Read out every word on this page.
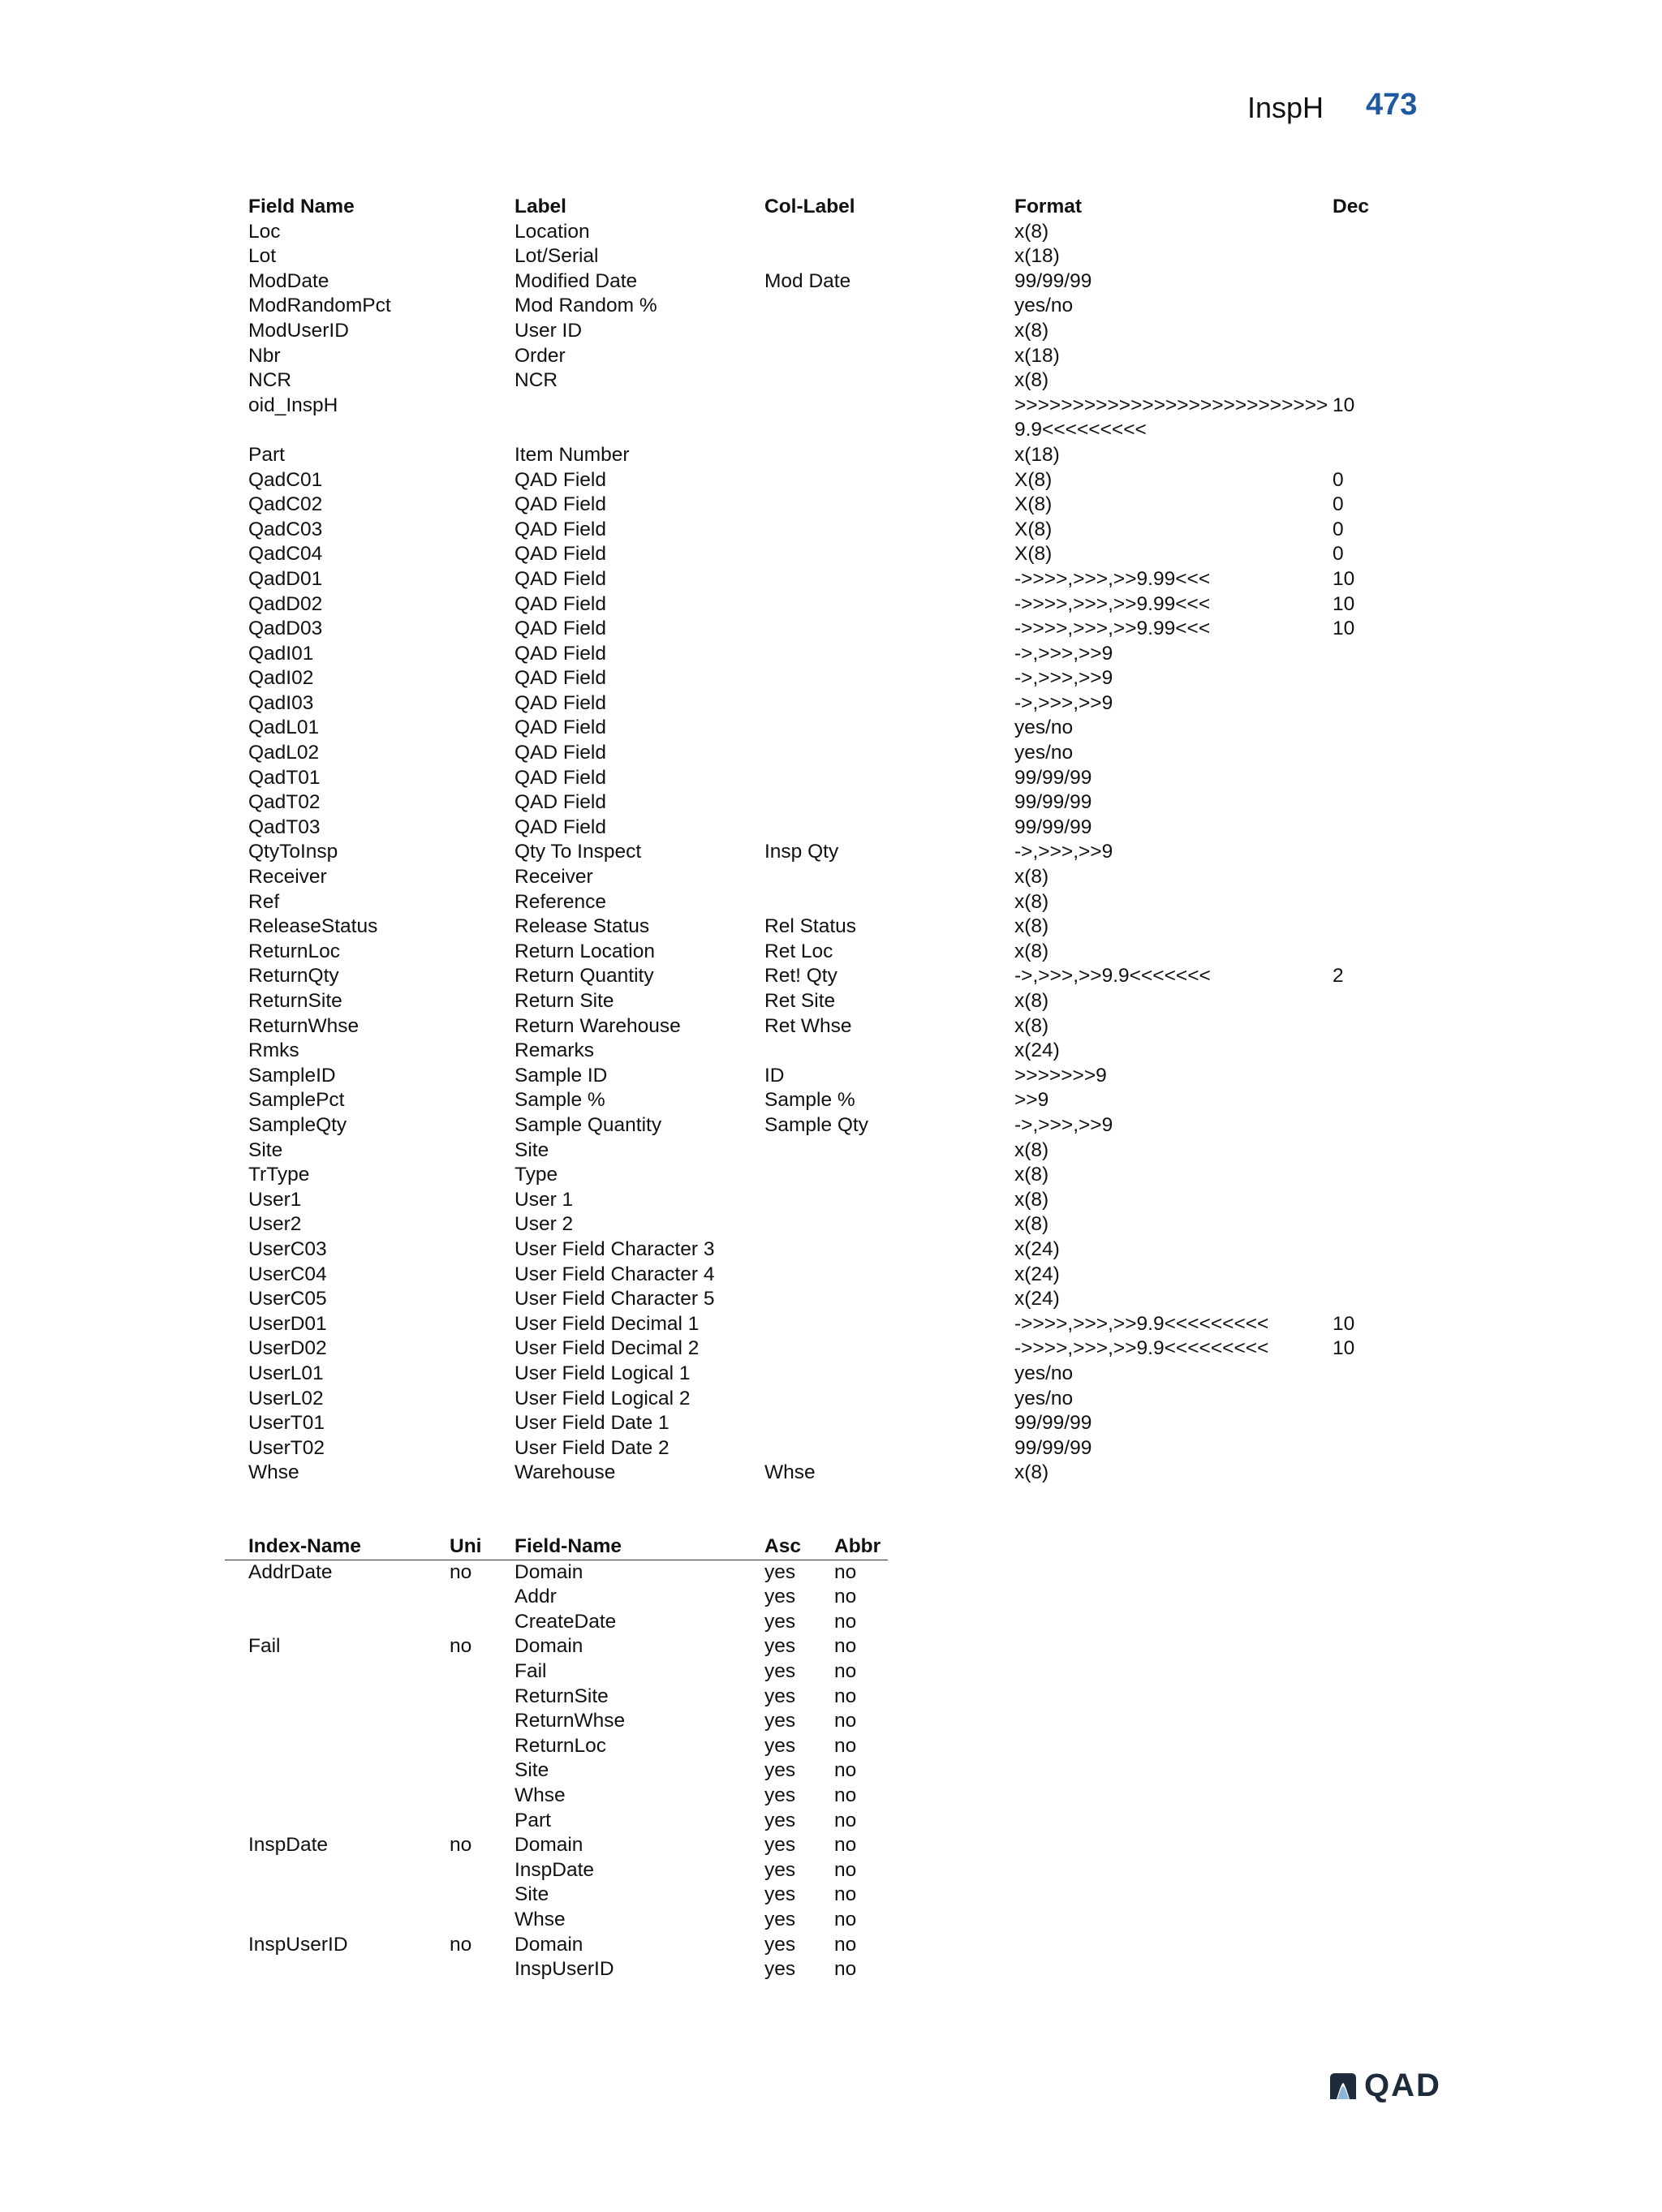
InspH 473
Field Name	Label	Col-Label	Format	Dec
Loc	Location		x(8)	
Lot	Lot/Serial		x(18)	
ModDate	Modified Date	Mod Date	99/99/99	
ModRandomPct	Mod Random %		yes/no	
ModUserID	User ID		x(8)	
Nbr	Order		x(18)	
NCR	NCR		x(8)	
oid_InspH			>>>>>>>>>>>>>>>>>>>>>>>>>>>9.9<<<<<<<<<	10
Part	Item Number		x(18)	
QadC01	QAD Field		X(8)	0
QadC02	QAD Field		X(8)	0
QadC03	QAD Field		X(8)	0
QadC04	QAD Field		X(8)	0
QadD01	QAD Field		->>>>,>>>,>>9.99<<<	10
QadD02	QAD Field		->>>>,>>>,>>9.99<<<	10
QadD03	QAD Field		->>>>,>>>,>>9.99<<<	10
QadI01	QAD Field		->,>>>,>>9	
QadI02	QAD Field		->,>>>,>>9	
QadI03	QAD Field		->,>>>,>>9	
QadL01	QAD Field		yes/no	
QadL02	QAD Field		yes/no	
QadT01	QAD Field		99/99/99	
QadT02	QAD Field		99/99/99	
QadT03	QAD Field		99/99/99	
QtyToInsp	Qty To Inspect	Insp Qty	->,>>>,>>9	
Receiver	Receiver		x(8)	
Ref	Reference		x(8)	
ReleaseStatus	Release Status	Rel Status	x(8)	
ReturnLoc	Return Location	Ret Loc	x(8)	
ReturnQty	Return Quantity	Ret! Qty	->,>>>,>>9.9<<<<<<<	2
ReturnSite	Return Site	Ret Site	x(8)	
ReturnWhse	Return Warehouse	Ret Whse	x(8)	
Rmks	Remarks		x(24)	
SampleID	Sample ID	ID	>>>>>>>9	
SamplePct	Sample %	Sample %	>>9	
SampleQty	Sample Quantity	Sample Qty	->,>>>,>>9	
Site	Site		x(8)	
TrType	Type		x(8)	
User1	User 1		x(8)	
User2	User 2		x(8)	
UserC03	User Field Character 3		x(24)	
UserC04	User Field Character 4		x(24)	
UserC05	User Field Character 5		x(24)	
UserD01	User Field Decimal 1		->>>>,>>>,>>9.9<<<<<<<<<	10
UserD02	User Field Decimal 2		->>>>,>>>,>>9.9<<<<<<<<<	10
UserL01	User Field Logical 1		yes/no	
UserL02	User Field Logical 2		yes/no	
UserT01	User Field Date 1		99/99/99	
UserT02	User Field Date 2		99/99/99	
Whse	Warehouse	Whse	x(8)	
	Index-Name	Uni	Field-Name	Asc	Abbr
	AddrDate	no	Domain	yes	no
			Addr	yes	no
			CreateDate	yes	no
	Fail	no	Domain	yes	no
			Fail	yes	no
			ReturnSite	yes	no
			ReturnWhse	yes	no
			ReturnLoc	yes	no
			Site	yes	no
			Whse	yes	no
			Part	yes	no
	InspDate	no	Domain	yes	no
			InspDate	yes	no
			Site	yes	no
			Whse	yes	no
	InspUserID	no	Domain	yes	no
			InspUserID	yes	no
QAD
